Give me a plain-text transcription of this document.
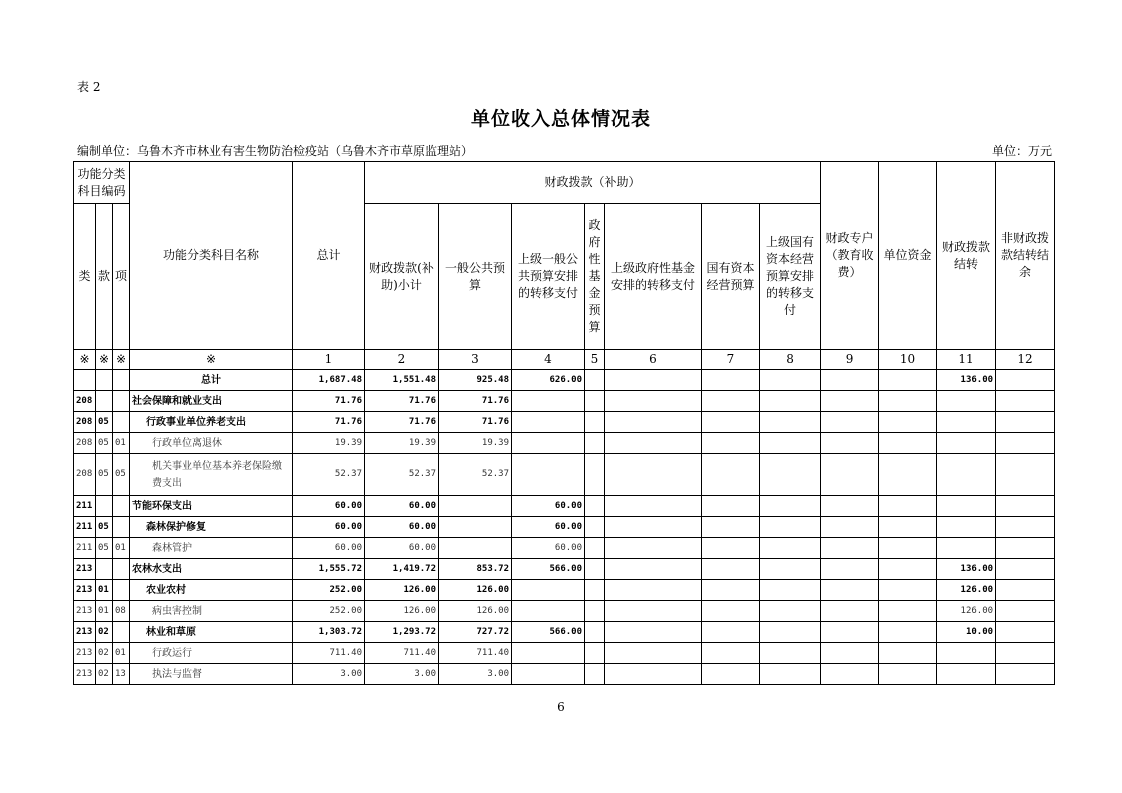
表 2
单位收入总体情况表
编制单位：乌鲁木齐市林业有害生物防治检疫站（乌鲁木齐市草原监理站）	单位：万元
功能分类科目编码			功能分类科目名称	总计	财政拨款（补助）							财政专户（教育收费）	单位资金	财政拨款结转	非财政拨款结转结余
类	款	项			财政拨款(补助)小计	一般公共预算	上级一般公共预算安排的转移支付	政府性基金预算	上级政府性基金安排的转移支付	国有资本经营预算	上级国有资本经营预算安排的转移支付				
※	※	※	※	1	2	3	4	5	6	7	8	9	10	11	12
			总计	1,687.48	1,551.48	925.48	626.00							136.00	
208			社会保障和就业支出	71.76	71.76	71.76									
208	05		行政事业单位养老支出	71.76	71.76	71.76									
208	05	01	行政单位离退休	19.39	19.39	19.39									
208	05	05	机关事业单位基本养老保险缴费支出	52.37	52.37	52.37									
211			节能环保支出	60.00	60.00		60.00								
211	05		森林保护修复	60.00	60.00		60.00								
211	05	01	森林管护	60.00	60.00		60.00								
213			农林水支出	1,555.72	1,419.72	853.72	566.00							136.00	
213	01		农业农村	252.00	126.00	126.00								126.00	
213	01	08	病虫害控制	252.00	126.00	126.00								126.00	
213	02		林业和草原	1,303.72	1,293.72	727.72	566.00							10.00	
213	02	01	行政运行	711.40	711.40	711.40									
213	02	13	执法与监督	3.00	3.00	3.00									
6
